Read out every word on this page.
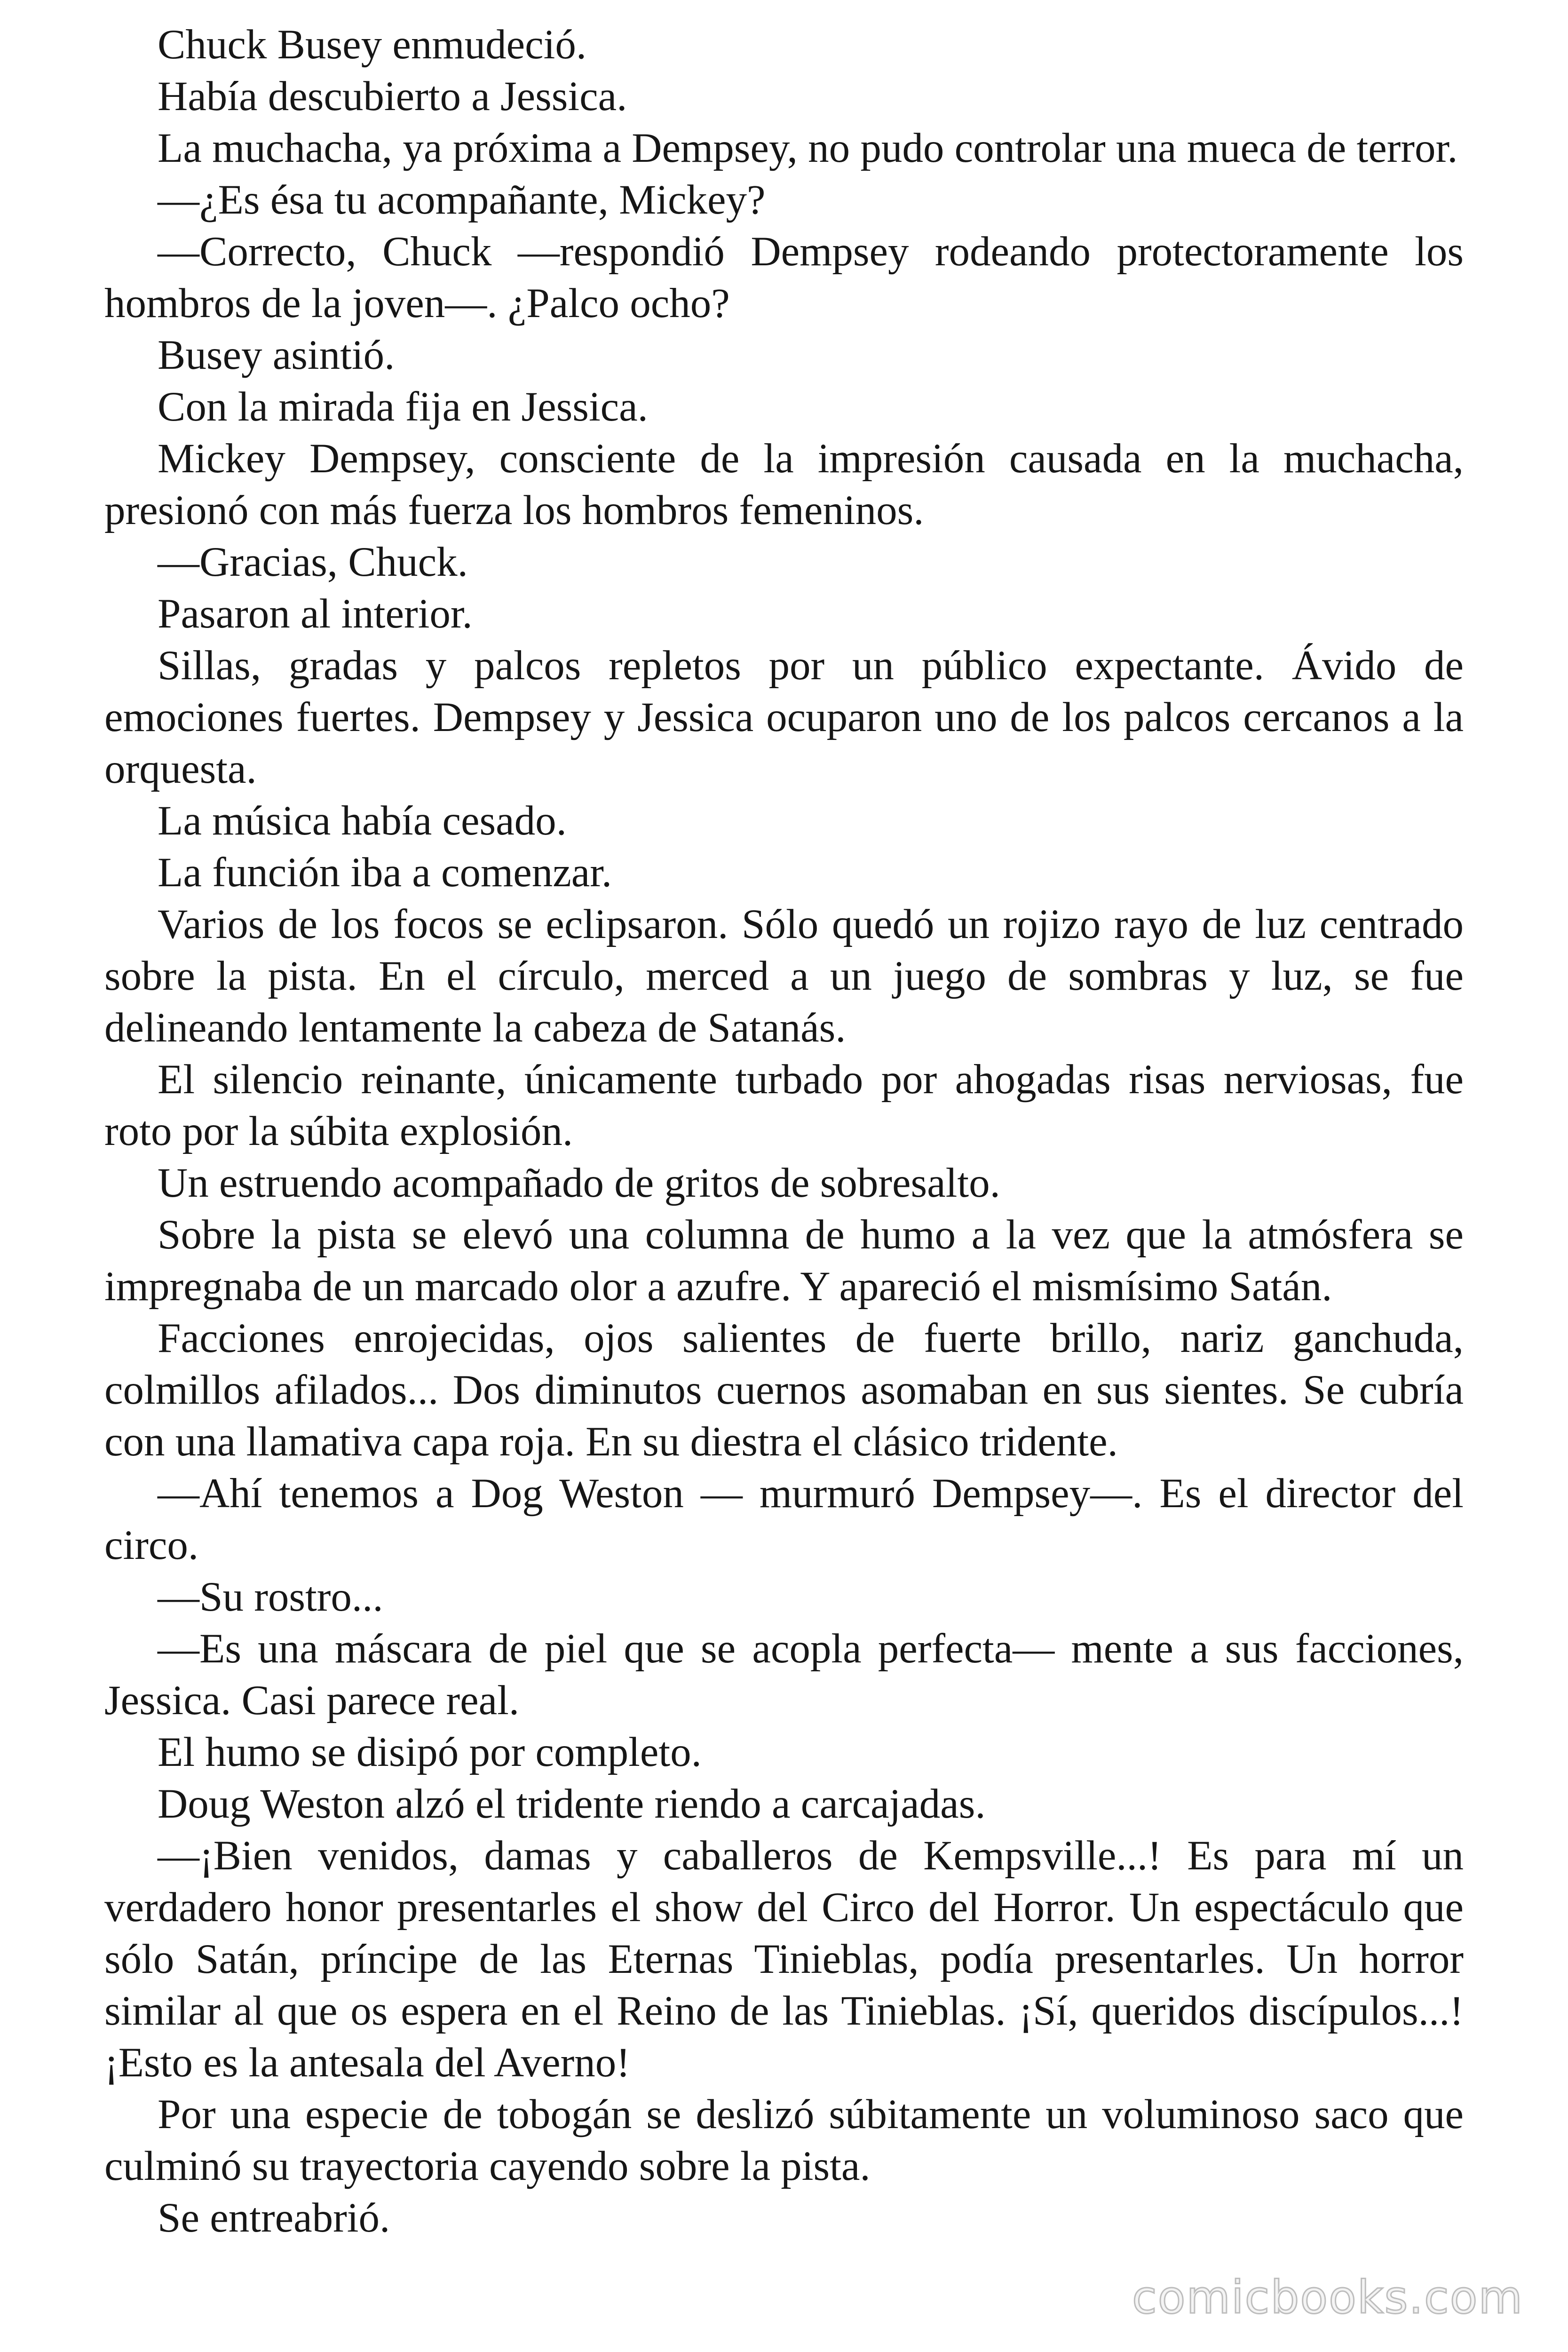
Chuck Busey enmudeció.

Había descubierto a Jessica.

La muchacha, ya próxima a Dempsey, no pudo controlar una mueca de terror.

—¿Es ésa tu acompañante, Mickey?

—Correcto, Chuck —respondió Dempsey rodeando protectoramente los hombros de la joven—. ¿Palco ocho?

Busey asintió.

Con la mirada fija en Jessica.

Mickey Dempsey, consciente de la impresión causada en la muchacha, presionó con más fuerza los hombros femeninos.

—Gracias, Chuck.

Pasaron al interior.

Sillas, gradas y palcos repletos por un público expectante. Ávido de emociones fuertes. Dempsey y Jessica ocuparon uno de los palcos cercanos a la orquesta.

La música había cesado.

La función iba a comenzar.

Varios de los focos se eclipsaron. Sólo quedó un rojizo rayo de luz centrado sobre la pista. En el círculo, merced a un juego de sombras y luz, se fue delineando lentamente la cabeza de Satanás.

El silencio reinante, únicamente turbado por ahogadas risas nerviosas, fue roto por la súbita explosión.

Un estruendo acompañado de gritos de sobresalto.

Sobre la pista se elevó una columna de humo a la vez que la atmósfera se impregnaba de un marcado olor a azufre. Y apareció el mismísimo Satán.

Facciones enrojecidas, ojos salientes de fuerte brillo, nariz ganchuda, colmillos afilados... Dos diminutos cuernos asomaban en sus sientes. Se cubría con una llamativa capa roja. En su diestra el clásico tridente.

—Ahí tenemos a Dog Weston — murmuró Dempsey—. Es el director del circo.

—Su rostro...

—Es una máscara de piel que se acopla perfecta— mente a sus facciones, Jessica. Casi parece real.

El humo se disipó por completo.

Doug Weston alzó el tridente riendo a carcajadas.

—¡Bien venidos, damas y caballeros de Kempsville...! Es para mí un verdadero honor presentarles el show del Circo del Horror. Un espectáculo que sólo Satán, príncipe de las Eternas Tinieblas, podía presentarles. Un horror similar al que os espera en el Reino de las Tinieblas. ¡Sí, queridos discípulos...! ¡Esto es la antesala del Averno!

Por una especie de tobogán se deslizó súbitamente un voluminoso saco que culminó su trayectoria cayendo sobre la pista.

Se entreabrió.

comicbooks.com
